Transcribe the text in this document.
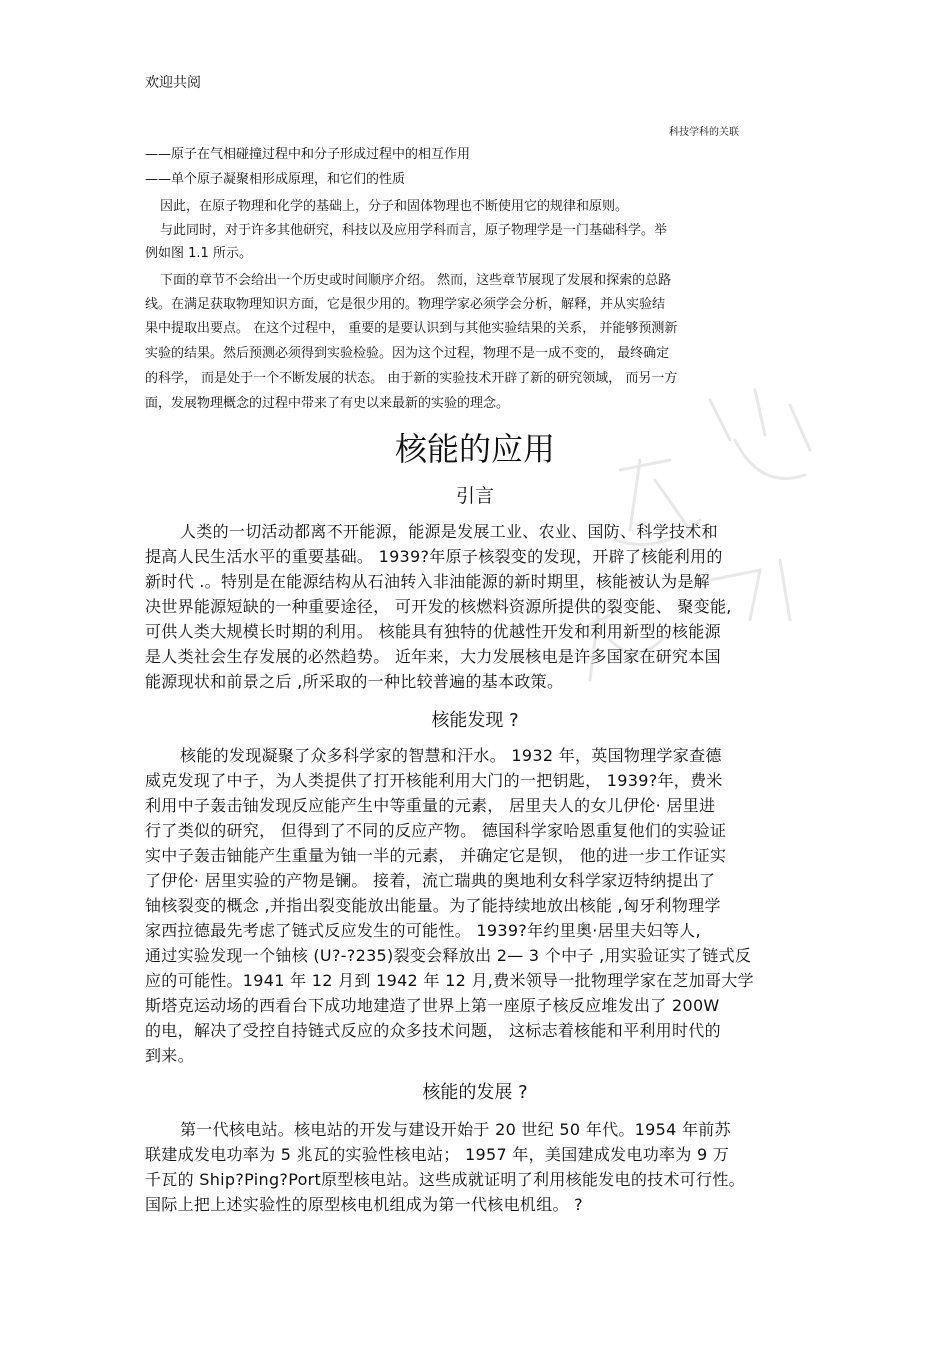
欢迎共阅
科技学科的关联
——原子在气相碰撞过程中和分子形成过程中的相互作用
——单个原子凝聚相形成原理，和它们的性质
因此，在原子物理和化学的基础上，分子和固体物理也不断使用它的规律和原则。
与此同时，对于许多其他研究，科技以及应用学科而言，原子物理学是一门基础科学。举
例如图 1.1 所示。
下面的章节不会给出一个历史或时间顺序介绍。 然而，这些章节展现了发展和探索的总路
线。在满足获取物理知识方面，它是很少用的。物理学家必须学会分析，解释，并从实验结
果中提取出要点。 在这个过程中， 重要的是要认识到与其他实验结果的关系， 并能够预测新
实验的结果。然后预测必须得到实验检验。因为这个过程，物理不是一成不变的， 最终确定
的科学， 而是处于一个不断发展的状态。 由于新的实验技术开辟了新的研究领域， 而另一方
面，发展物理概念的过程中带来了有史以来最新的实验的理念。
核能的应用
引言
人类的一切活动都离不开能源，能源是发展工业、农业、国防、科学技术和
提高人民生活水平的重要基础。 1939?年原子核裂变的发现，开辟了核能利用的
新时代 .。特别是在能源结构从石油转入非油能源的新时期里，核能被认为是解
决世界能源短缺的一种重要途径， 可开发的核燃料资源所提供的裂变能、 聚变能,
可供人类大规模长时期的利用。 核能具有独特的优越性开发和利用新型的核能源
是人类社会生存发展的必然趋势。 近年来，大力发展核电是许多国家在研究本国
能源现状和前景之后 ,所采取的一种比较普遍的基本政策。
核能发现 ?
核能的发现凝聚了众多科学家的智慧和汗水。 1932 年，英国物理学家查德
威克发现了中子，为人类提供了打开核能利用大门的一把钥匙， 1939?年，费米
利用中子轰击铀发现反应能产生中等重量的元素， 居里夫人的女儿伊伦· 居里进
行了类似的研究， 但得到了不同的反应产物。 德国科学家哈恩重复他们的实验证
实中子轰击铀能产生重量为铀一半的元素， 并确定它是钡， 他的进一步工作证实
了伊伦· 居里实验的产物是镧。 接着，流亡瑞典的奥地利女科学家迈特纳提出了
铀核裂变的概念 ,并指出裂变能放出能量。为了能持续地放出核能 ,匈牙利物理学
家西拉德最先考虑了链式反应发生的可能性。 1939?年约里奥·居里夫妇等人,
通过实验发现一个铀核 (U?-?235)裂变会释放出 2— 3 个中子 ,用实验证实了链式反
应的可能性。1941 年 12 月到 1942 年 12 月,费米领导一批物理学家在芝加哥大学
斯塔克运动场的西看台下成功地建造了世界上第一座原子核反应堆发出了 200W
的电，解决了受控自持链式反应的众多技术问题， 这标志着核能和平利用时代的
到来。
核能的发展 ?
第一代核电站。核电站的开发与建设开始于 20 世纪 50 年代。1954 年前苏
联建成发电功率为 5 兆瓦的实验性核电站； 1957 年，美国建成发电功率为 9 万
千瓦的 Ship?Ping?Port原型核电站。这些成就证明了利用核能发电的技术可行性。
国际上把上述实验性的原型核电机组成为第一代核电机组。 ?
